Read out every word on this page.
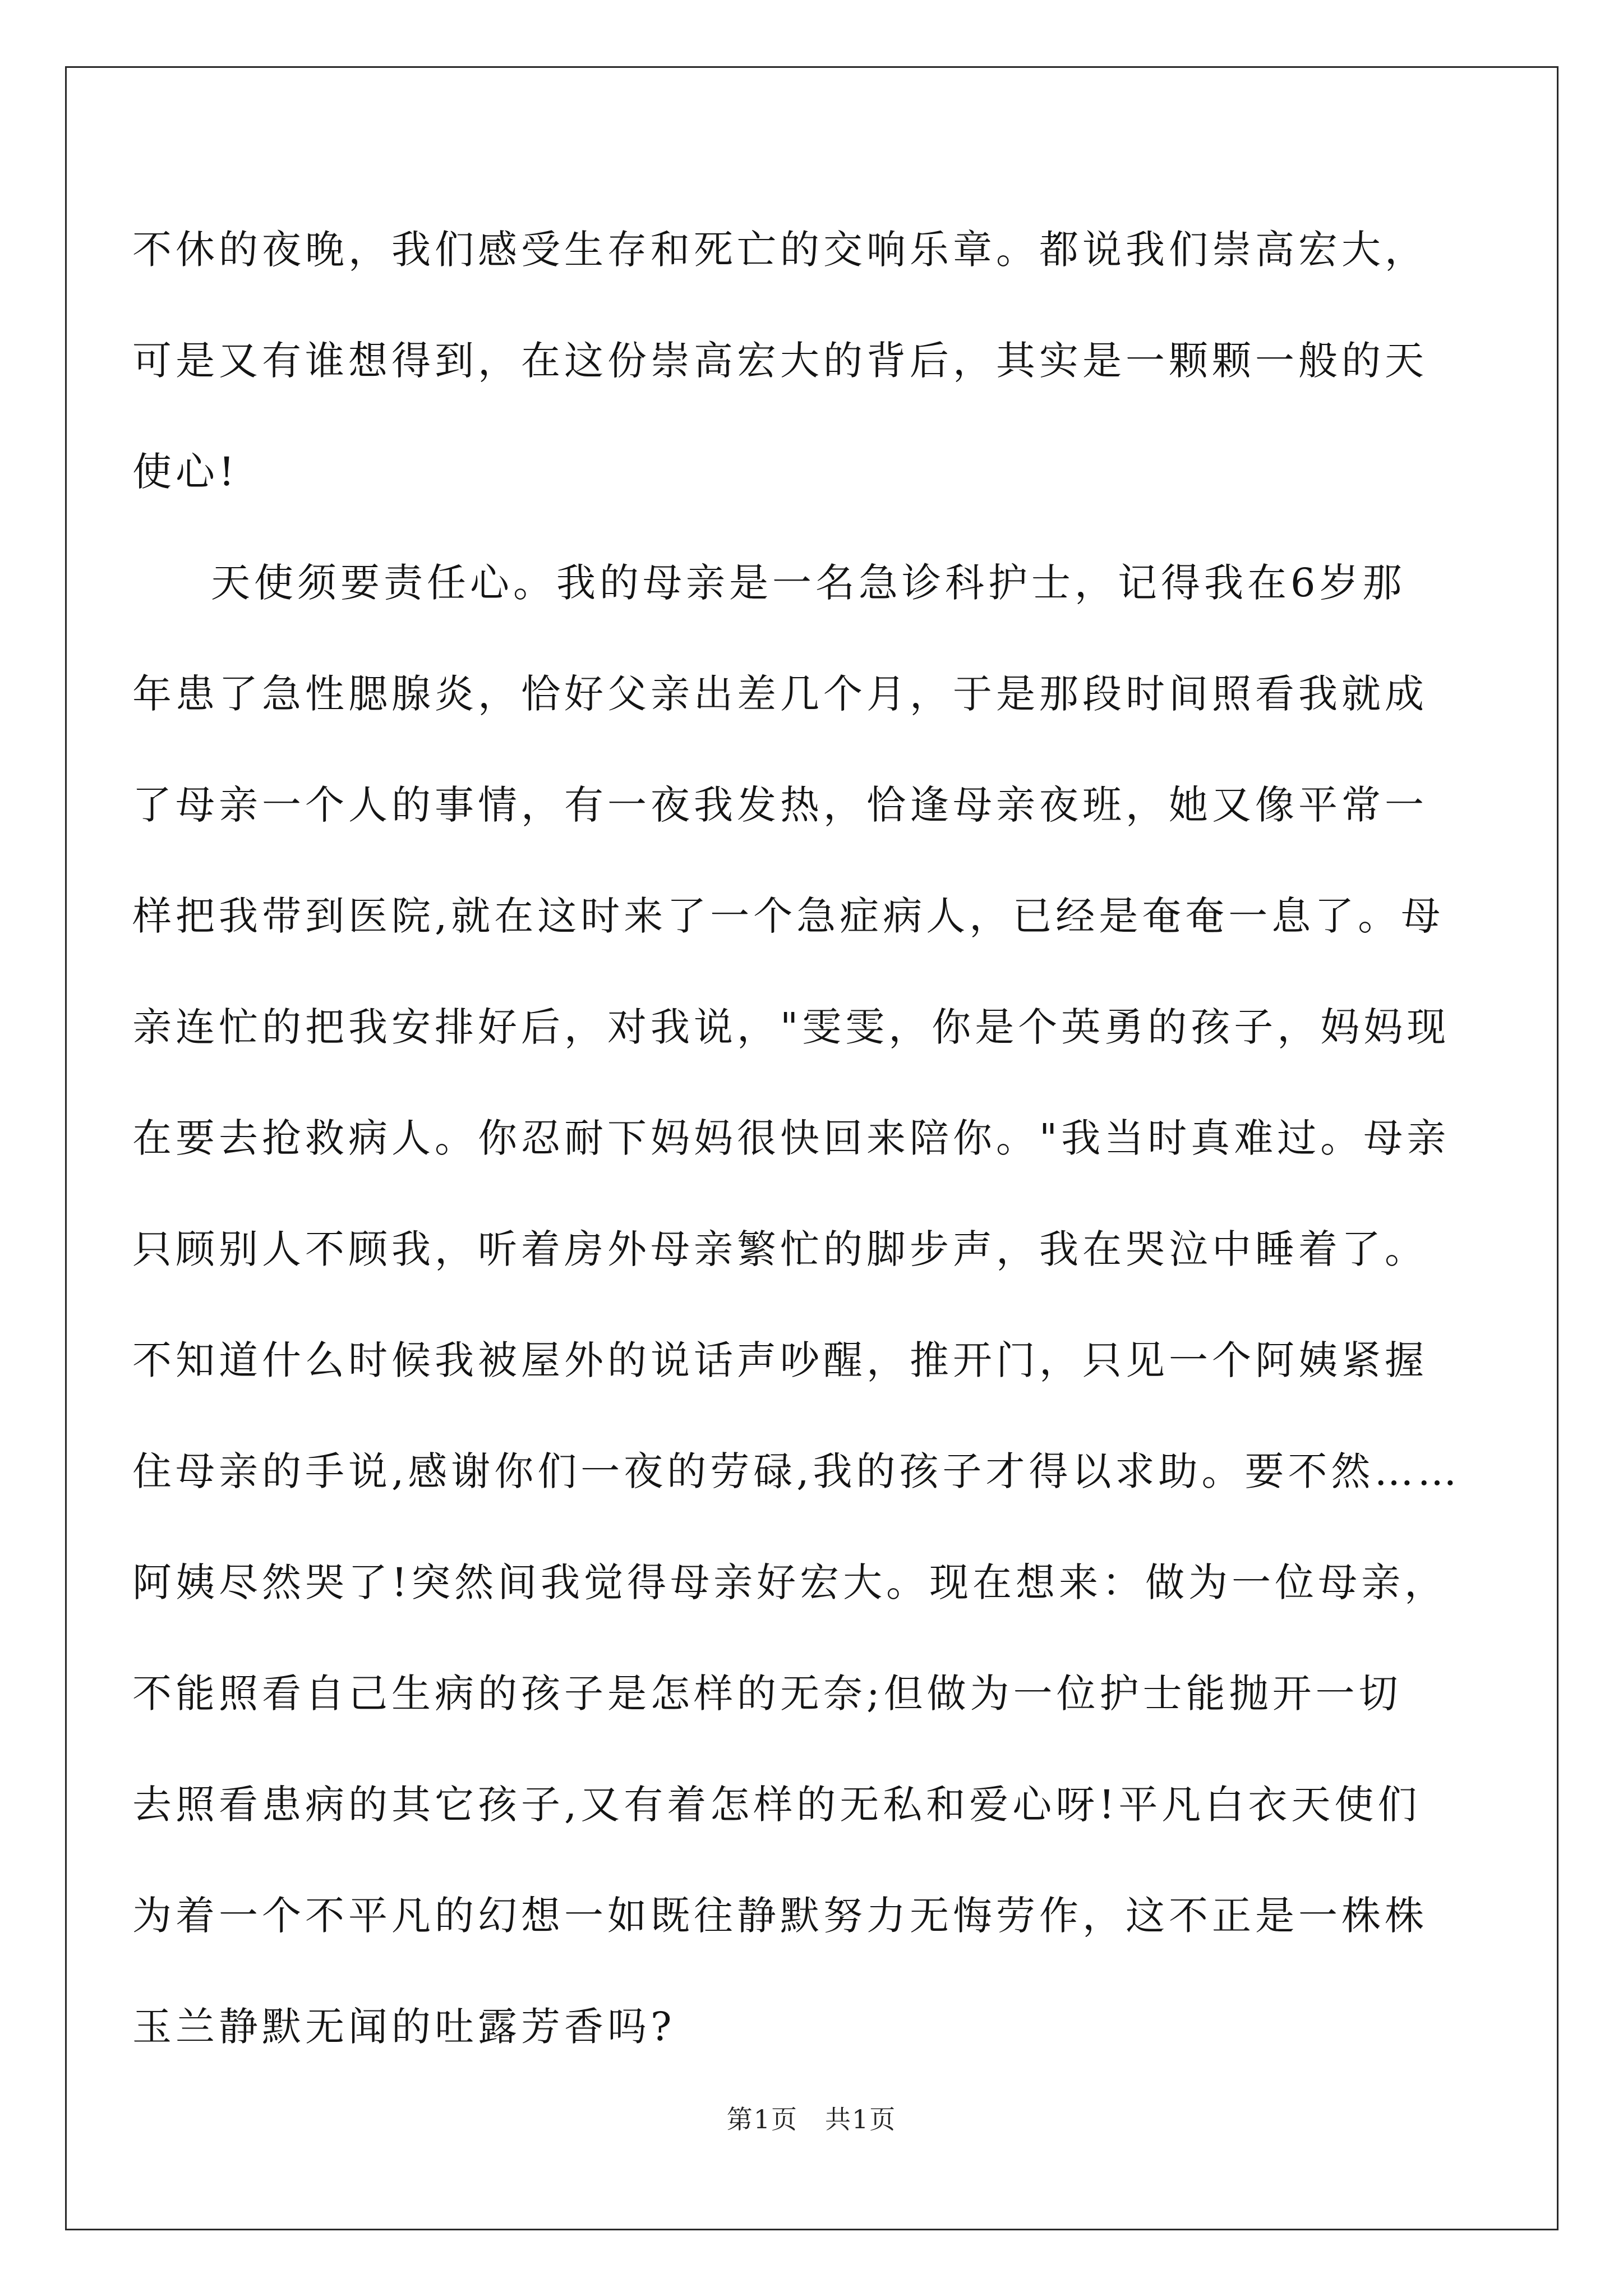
不休的夜晚，我们感受生存和死亡的交响乐章。都说我们崇高宏大，
可是又有谁想得到，在这份崇高宏大的背后，其实是一颗颗一般的天
使心!
天使须要责任心。我的母亲是一名急诊科护士，记得我在6岁那
年患了急性腮腺炎，恰好父亲出差几个月，于是那段时间照看我就成
了母亲一个人的事情，有一夜我发热，恰逢母亲夜班，她又像平常一
样把我带到医院,就在这时来了一个急症病人，已经是奄奄一息了。母
亲连忙的把我安排好后，对我说，"雯雯，你是个英勇的孩子，妈妈现
在要去抢救病人。你忍耐下妈妈很快回来陪你。"我当时真难过。母亲
只顾别人不顾我，听着房外母亲繁忙的脚步声，我在哭泣中睡着了。
不知道什么时候我被屋外的说话声吵醒，推开门，只见一个阿姨紧握
住母亲的手说,感谢你们一夜的劳碌,我的孩子才得以求助。要不然……
阿姨尽然哭了!突然间我觉得母亲好宏大。现在想来：做为一位母亲，
不能照看自己生病的孩子是怎样的无奈;但做为一位护士能抛开一切
去照看患病的其它孩子,又有着怎样的无私和爱心呀!平凡白衣天使们
为着一个不平凡的幻想一如既往静默努力无悔劳作，这不正是一株株
玉兰静默无闻的吐露芳香吗?
第1页 共1页
